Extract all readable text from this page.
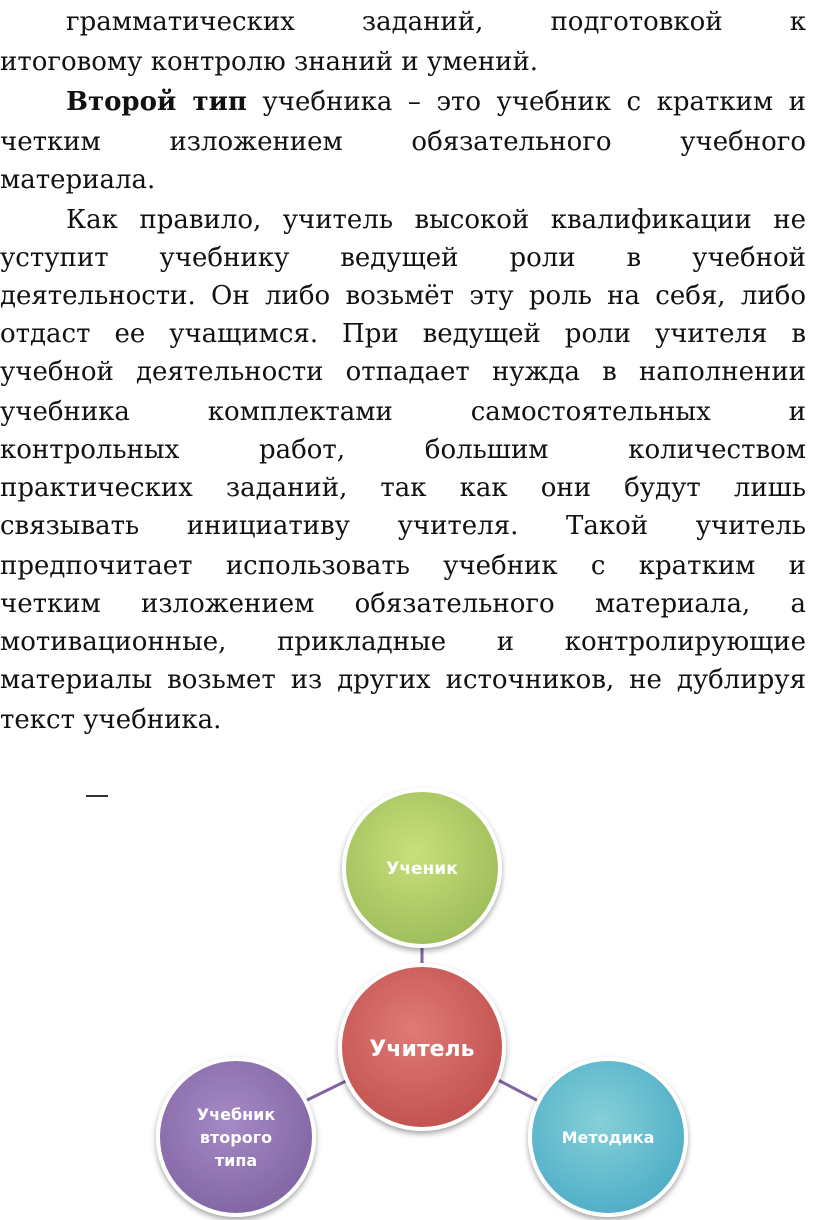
грамматических заданий, подготовкой к
итоговому контролю знаний и умений.
Второй тип учебника – это учебник с кратким и
четким изложением обязательного учебного
материала.
Как правило, учитель высокой квалификации не
уступит учебнику ведущей роли в учебной
деятельности. Он либо возьмёт эту роль на себя, либо
отдаст ее учащимся. При ведущей роли учителя в
учебной деятельности отпадает нужда в наполнении
учебника комплектами самостоятельных и
контрольных работ, большим количеством
практических заданий, так как они будут лишь
связывать инициативу учителя. Такой учитель
предпочитает использовать учебник с кратким и
четким изложением обязательного материала, а
мотивационные, прикладные и контролирующие
материалы возьмет из других источников, не дублируя
текст учебника.
Ученик
Учитель
Учебник
второго
типа
Методика
